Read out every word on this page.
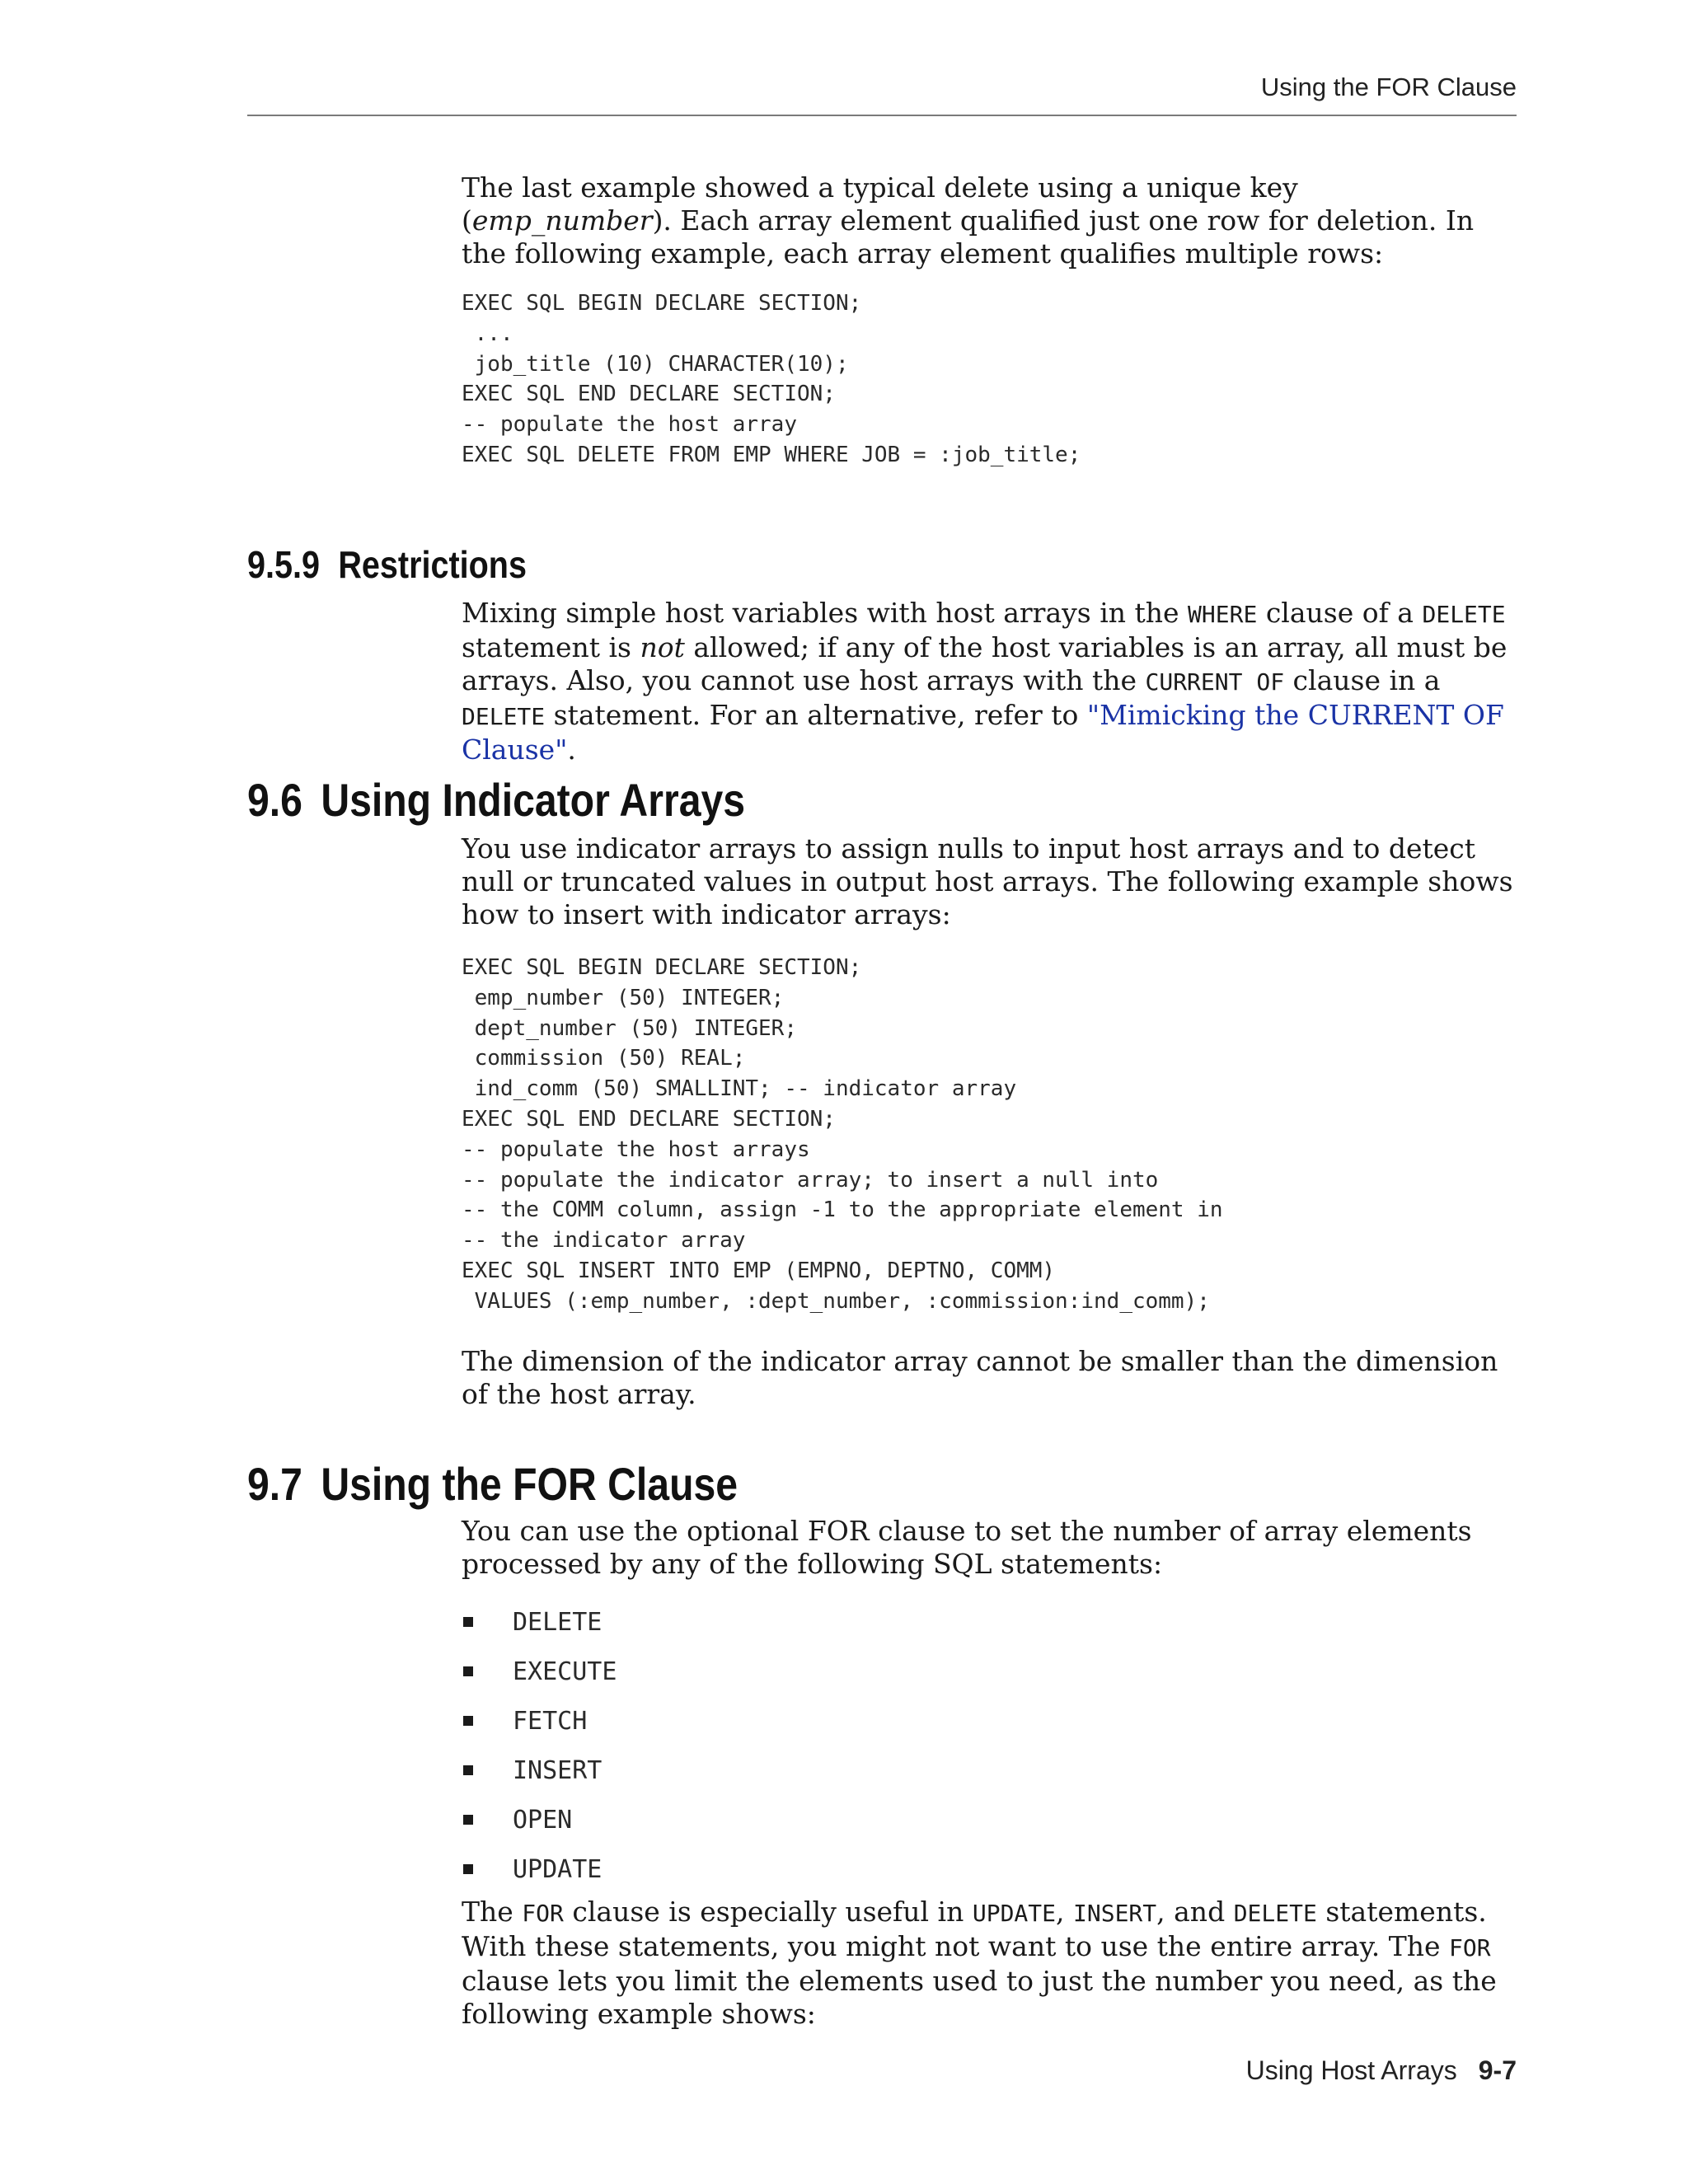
Using the FOR Clause

The last example showed a typical delete using a unique key (emp_number). Each array element qualified just one row for deletion. In the following example, each array element qualifies multiple rows:

EXEC SQL BEGIN DECLARE SECTION;
...
job_title (10) CHARACTER(10);
EXEC SQL END DECLARE SECTION;
-- populate the host array
EXEC SQL DELETE FROM EMP WHERE JOB = :job_title;
9.5.9 Restrictions

Mixing simple host variables with host arrays in the WHERE clause of a DELETE statement is not allowed; if any of the host variables is an array, all must be arrays. Also, you cannot use host arrays with the CURRENT OF clause in a DELETE statement. For an alternative, refer to "Mimicking the CURRENT OF Clause".

9.6 Using Indicator Arrays

You use indicator arrays to assign nulls to input host arrays and to detect null or truncated values in output host arrays. The following example shows how to insert with indicator arrays:

EXEC SQL BEGIN DECLARE SECTION;
emp_number (50) INTEGER;
dept_number (50) INTEGER;
commission (50) REAL;
ind_comm (50) SMALLINT; -- indicator array
EXEC SQL END DECLARE SECTION;
-- populate the host arrays
-- populate the indicator array; to insert a null into
-- the COMM column, assign -1 to the appropriate element in
-- the indicator array
EXEC SQL INSERT INTO EMP (EMPNO, DEPTNO, COMM)
VALUES (:emp_number, :dept_number, :commission:ind_comm);

The dimension of the indicator array cannot be smaller than the dimension of the host array.

9.7 Using the FOR Clause

You can use the optional FOR clause to set the number of array elements processed by any of the following SQL statements:

DELETE
EXECUTE
FETCH
INSERT
OPEN
UPDATE

The FOR clause is especially useful in UPDATE, INSERT, and DELETE statements. With these statements, you might not want to use the entire array. The FOR clause lets you limit the elements used to just the number you need, as the following example shows:

Using Host Arrays 9-7
